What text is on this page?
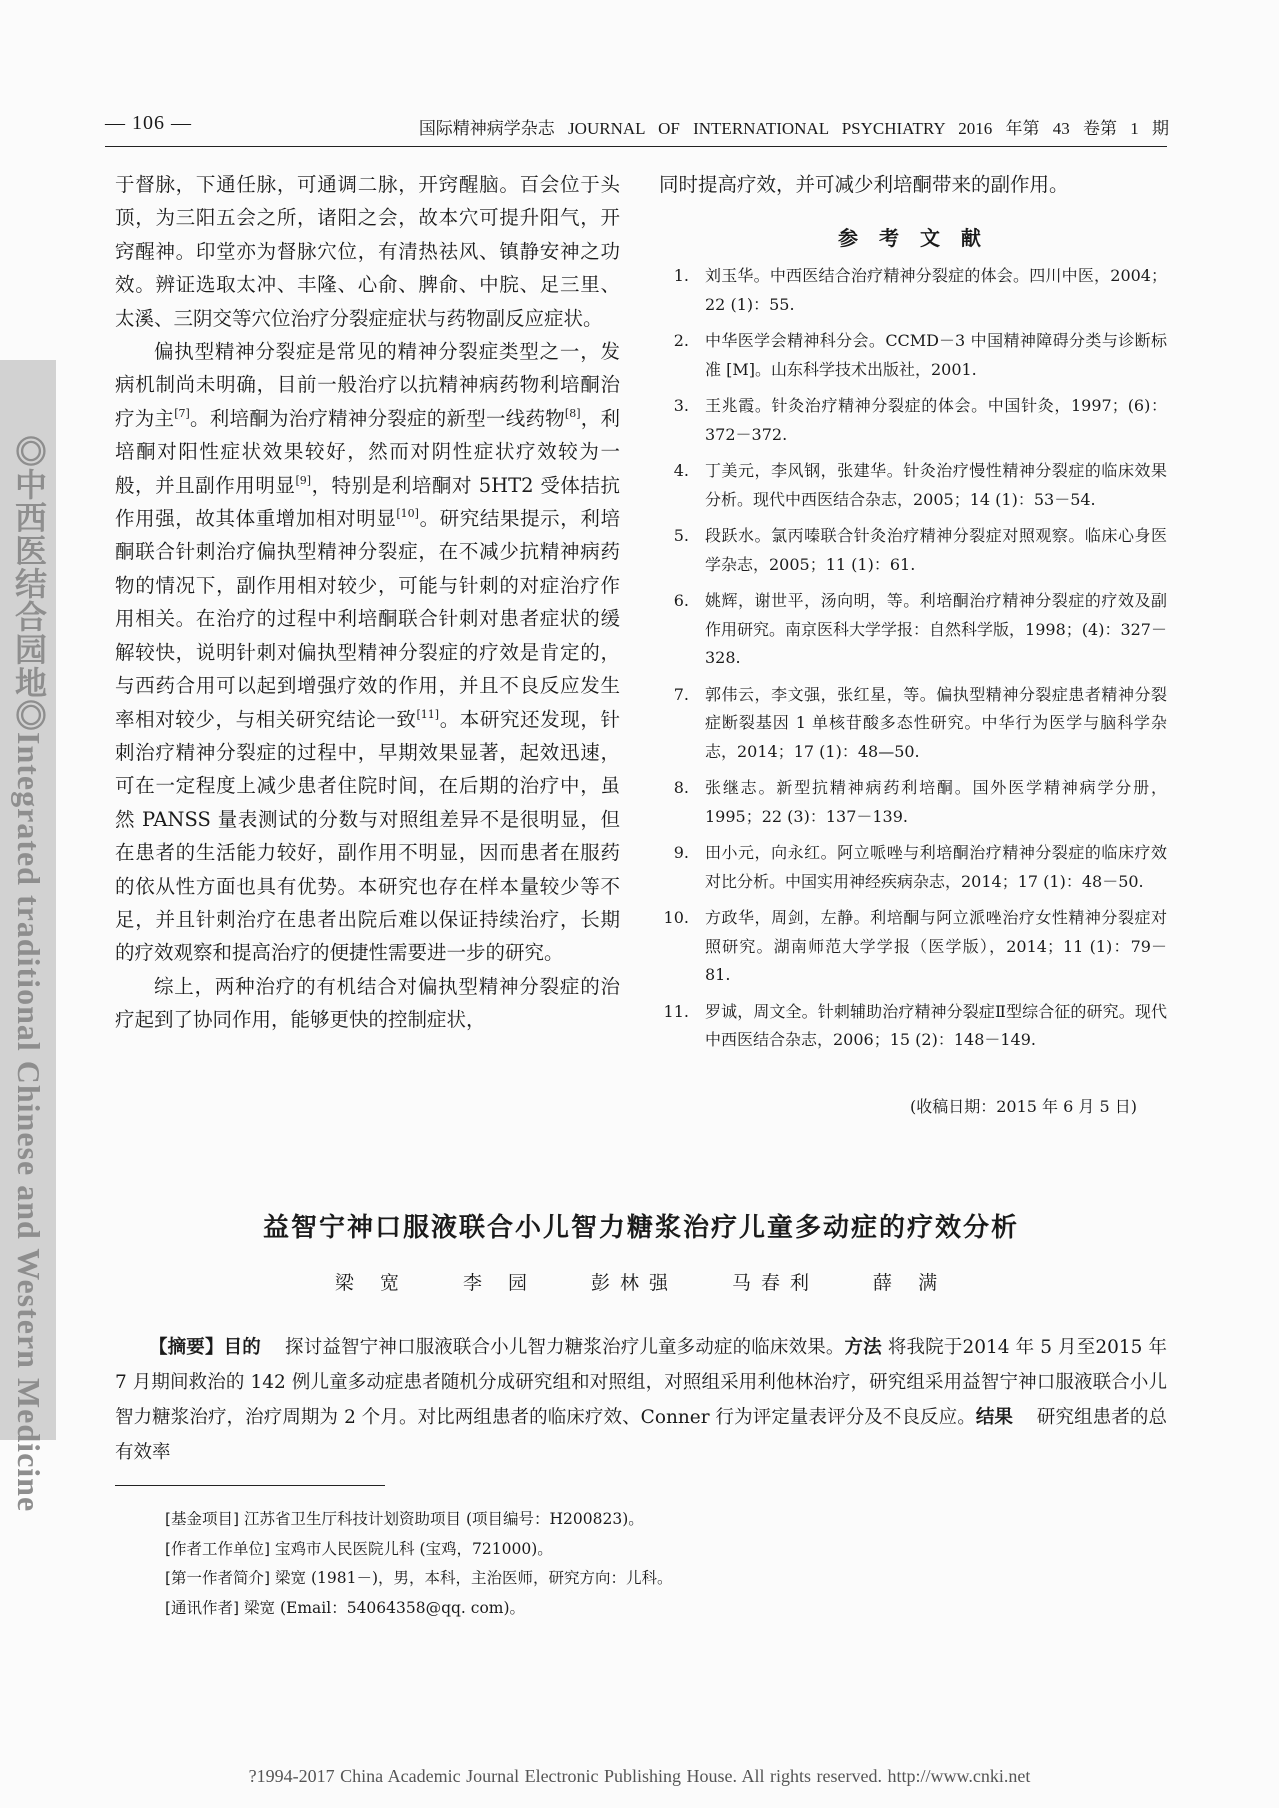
— 106 —	国际精神病学杂志 JOURNAL OF INTERNATIONAL PSYCHIATRY 2016 年第 43 卷第 1 期
◎中西医结合园地◎Integrated traditional Chinese and Western Medicine

于督脉，下通任脉，可通调二脉，开窍醒脑。百会位于头顶，为三阳五会之所，诸阳之会，故本穴可提升阳气，开窍醒神。印堂亦为督脉穴位，有清热祛风、镇静安神之功效。辨证选取太冲、丰隆、心俞、脾俞、中脘、足三里、太溪、三阴交等穴位治疗分裂症症状与药物副反应症状。

偏执型精神分裂症是常见的精神分裂症类型之一，发病机制尚未明确，目前一般治疗以抗精神病药物利培酮治疗为主[7]。利培酮为治疗精神分裂症的新型一线药物[8]，利培酮对阳性症状效果较好，然而对阴性症状疗效较为一般，并且副作用明显[9]，特别是利培酮对 5HT2 受体拮抗作用强，故其体重增加相对明显[10]。研究结果提示，利培酮联合针刺治疗偏执型精神分裂症，在不减少抗精神病药物的情况下，副作用相对较少，可能与针刺的对症治疗作用相关。在治疗的过程中利培酮联合针刺对患者症状的缓解较快，说明针刺对偏执型精神分裂症的疗效是肯定的，与西药合用可以起到增强疗效的作用，并且不良反应发生率相对较少，与相关研究结论一致[11]。本研究还发现，针刺治疗精神分裂症的过程中，早期效果显著，起效迅速，可在一定程度上减少患者住院时间，在后期的治疗中，虽然 PANSS 量表测试的分数与对照组差异不是很明显，但在患者的生活能力较好，副作用不明显，因而患者在服药的依从性方面也具有优势。本研究也存在样本量较少等不足，并且针刺治疗在患者出院后难以保证持续治疗，长期的疗效观察和提高治疗的便捷性需要进一步的研究。

综上，两种治疗的有机结合对偏执型精神分裂症的治疗起到了协同作用，能够更快的控制症状，

同时提高疗效，并可减少利培酮带来的副作用。
参 考 文 献
1. 刘玉华。中西医结合治疗精神分裂症的体会。四川中医，2004；22 (1)：55.
2. 中华医学会精神科分会。CCMD－3 中国精神障碍分类与诊断标准 [M]。山东科学技术出版社，2001.
3. 王兆霞。针灸治疗精神分裂症的体会。中国针灸，1997；(6)：372－372.
4. 丁美元，李风钢，张建华。针灸治疗慢性精神分裂症的临床效果分析。现代中西医结合杂志，2005；14 (1)：53－54.
5. 段跃水。氯丙嗪联合针灸治疗精神分裂症对照观察。临床心身医学杂志，2005；11 (1)：61.
6. 姚辉，谢世平，汤向明，等。利培酮治疗精神分裂症的疗效及副作用研究。南京医科大学学报：自然科学版，1998；(4)：327－328.
7. 郭伟云，李文强，张红星，等。偏执型精神分裂症患者精神分裂症断裂基因 1 单核苷酸多态性研究。中华行为医学与脑科学杂志，2014；17 (1)：48—50.
8. 张继志。新型抗精神病药利培酮。国外医学精神病学分册，1995；22 (3)：137－139.
9. 田小元，向永红。阿立哌唑与利培酮治疗精神分裂症的临床疗效对比分析。中国实用神经疾病杂志，2014；17 (1)：48－50.
10. 方政华，周剑，左静。利培酮与阿立派唑治疗女性精神分裂症对照研究。湖南师范大学学报（医学版），2014；11 (1)：79－81.
11. 罗诚，周文全。针刺辅助治疗精神分裂症Ⅱ型综合征的研究。现代中西医结合杂志，2006；15 (2)：148－149.
(收稿日期：2015 年 6 月 5 日)
益智宁神口服液联合小儿智力糖浆治疗儿童多动症的疗效分析
梁 宽	李 园	彭林强	马春利	薛 满
【摘要】目的 探讨益智宁神口服液联合小儿智力糖浆治疗儿童多动症的临床效果。方法 将我院于2014 年 5 月至2015 年 7 月期间救治的 142 例儿童多动症患者随机分成研究组和对照组，对照组采用利他林治疗，研究组采用益智宁神口服液联合小儿智力糖浆治疗，治疗周期为 2 个月。对比两组患者的临床疗效、Conner 行为评定量表评分及不良反应。结果 研究组患者的总有效率
[基金项目] 江苏省卫生厅科技计划资助项目 (项目编号：H200823)。
[作者工作单位] 宝鸡市人民医院儿科 (宝鸡，721000)。
[第一作者简介] 梁宽 (1981－)，男，本科，主治医师，研究方向：儿科。
[通讯作者] 梁宽 (Email：54064358@qq. com)。
?1994-2017 China Academic Journal Electronic Publishing House. All rights reserved. http://www.cnki.net
